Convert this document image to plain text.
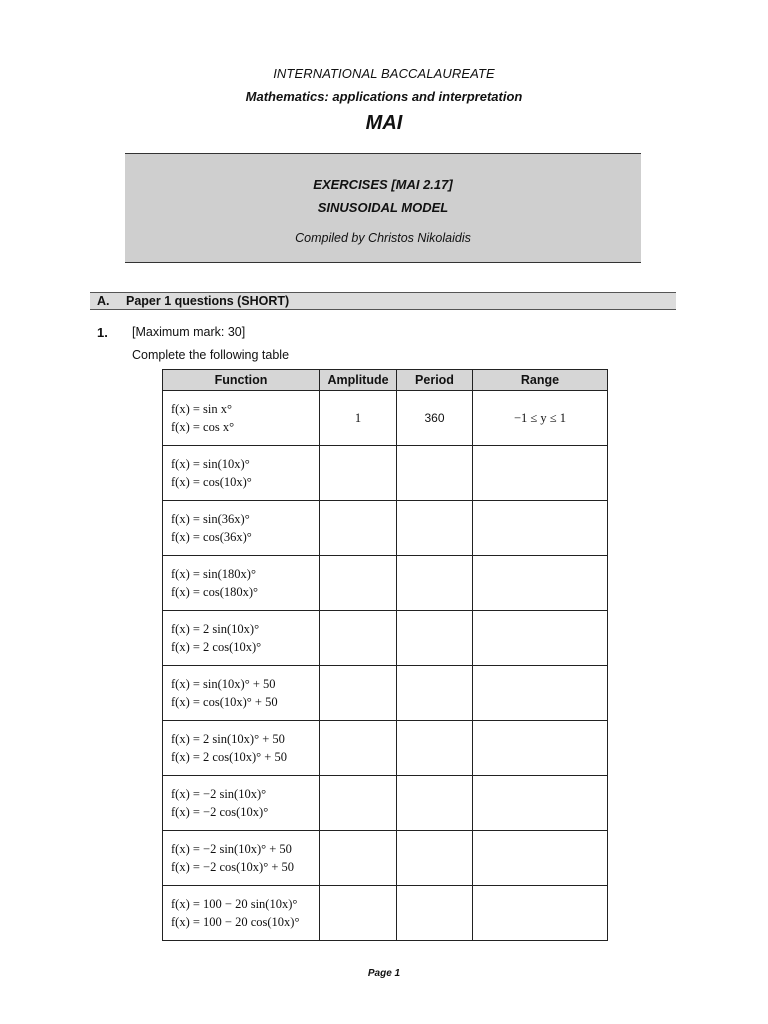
INTERNATIONAL BACCALAUREATE
Mathematics: applications and interpretation
MAI
EXERCISES [MAI 2.17]
SINUSOIDAL MODEL
Compiled by Christos Nikolaidis
A. Paper 1 questions (SHORT)
1. [Maximum mark: 30]
Complete the following table
Function	Amplitude	Period	Range

f(x) = sin x°
f(x) = cos x°	1	360	−1 ≤ y ≤ 1

f(x) = sin(10x)°
f(x) = cos(10x)°			

f(x) = sin(36x)°
f(x) = cos(36x)°			

f(x) = sin(180x)°
f(x) = cos(180x)°			

f(x) = 2 sin(10x)°
f(x) = 2 cos(10x)°			

f(x) = sin(10x)° + 50
f(x) = cos(10x)° + 50			

f(x) = 2 sin(10x)° + 50
f(x) = 2 cos(10x)° + 50			

f(x) = −2 sin(10x)°
f(x) = −2 cos(10x)°			

f(x) = −2 sin(10x)° + 50
f(x) = −2 cos(10x)° + 50			

f(x) = 100 − 20 sin(10x)°
f(x) = 100 − 20 cos(10x)°			

Page 1
